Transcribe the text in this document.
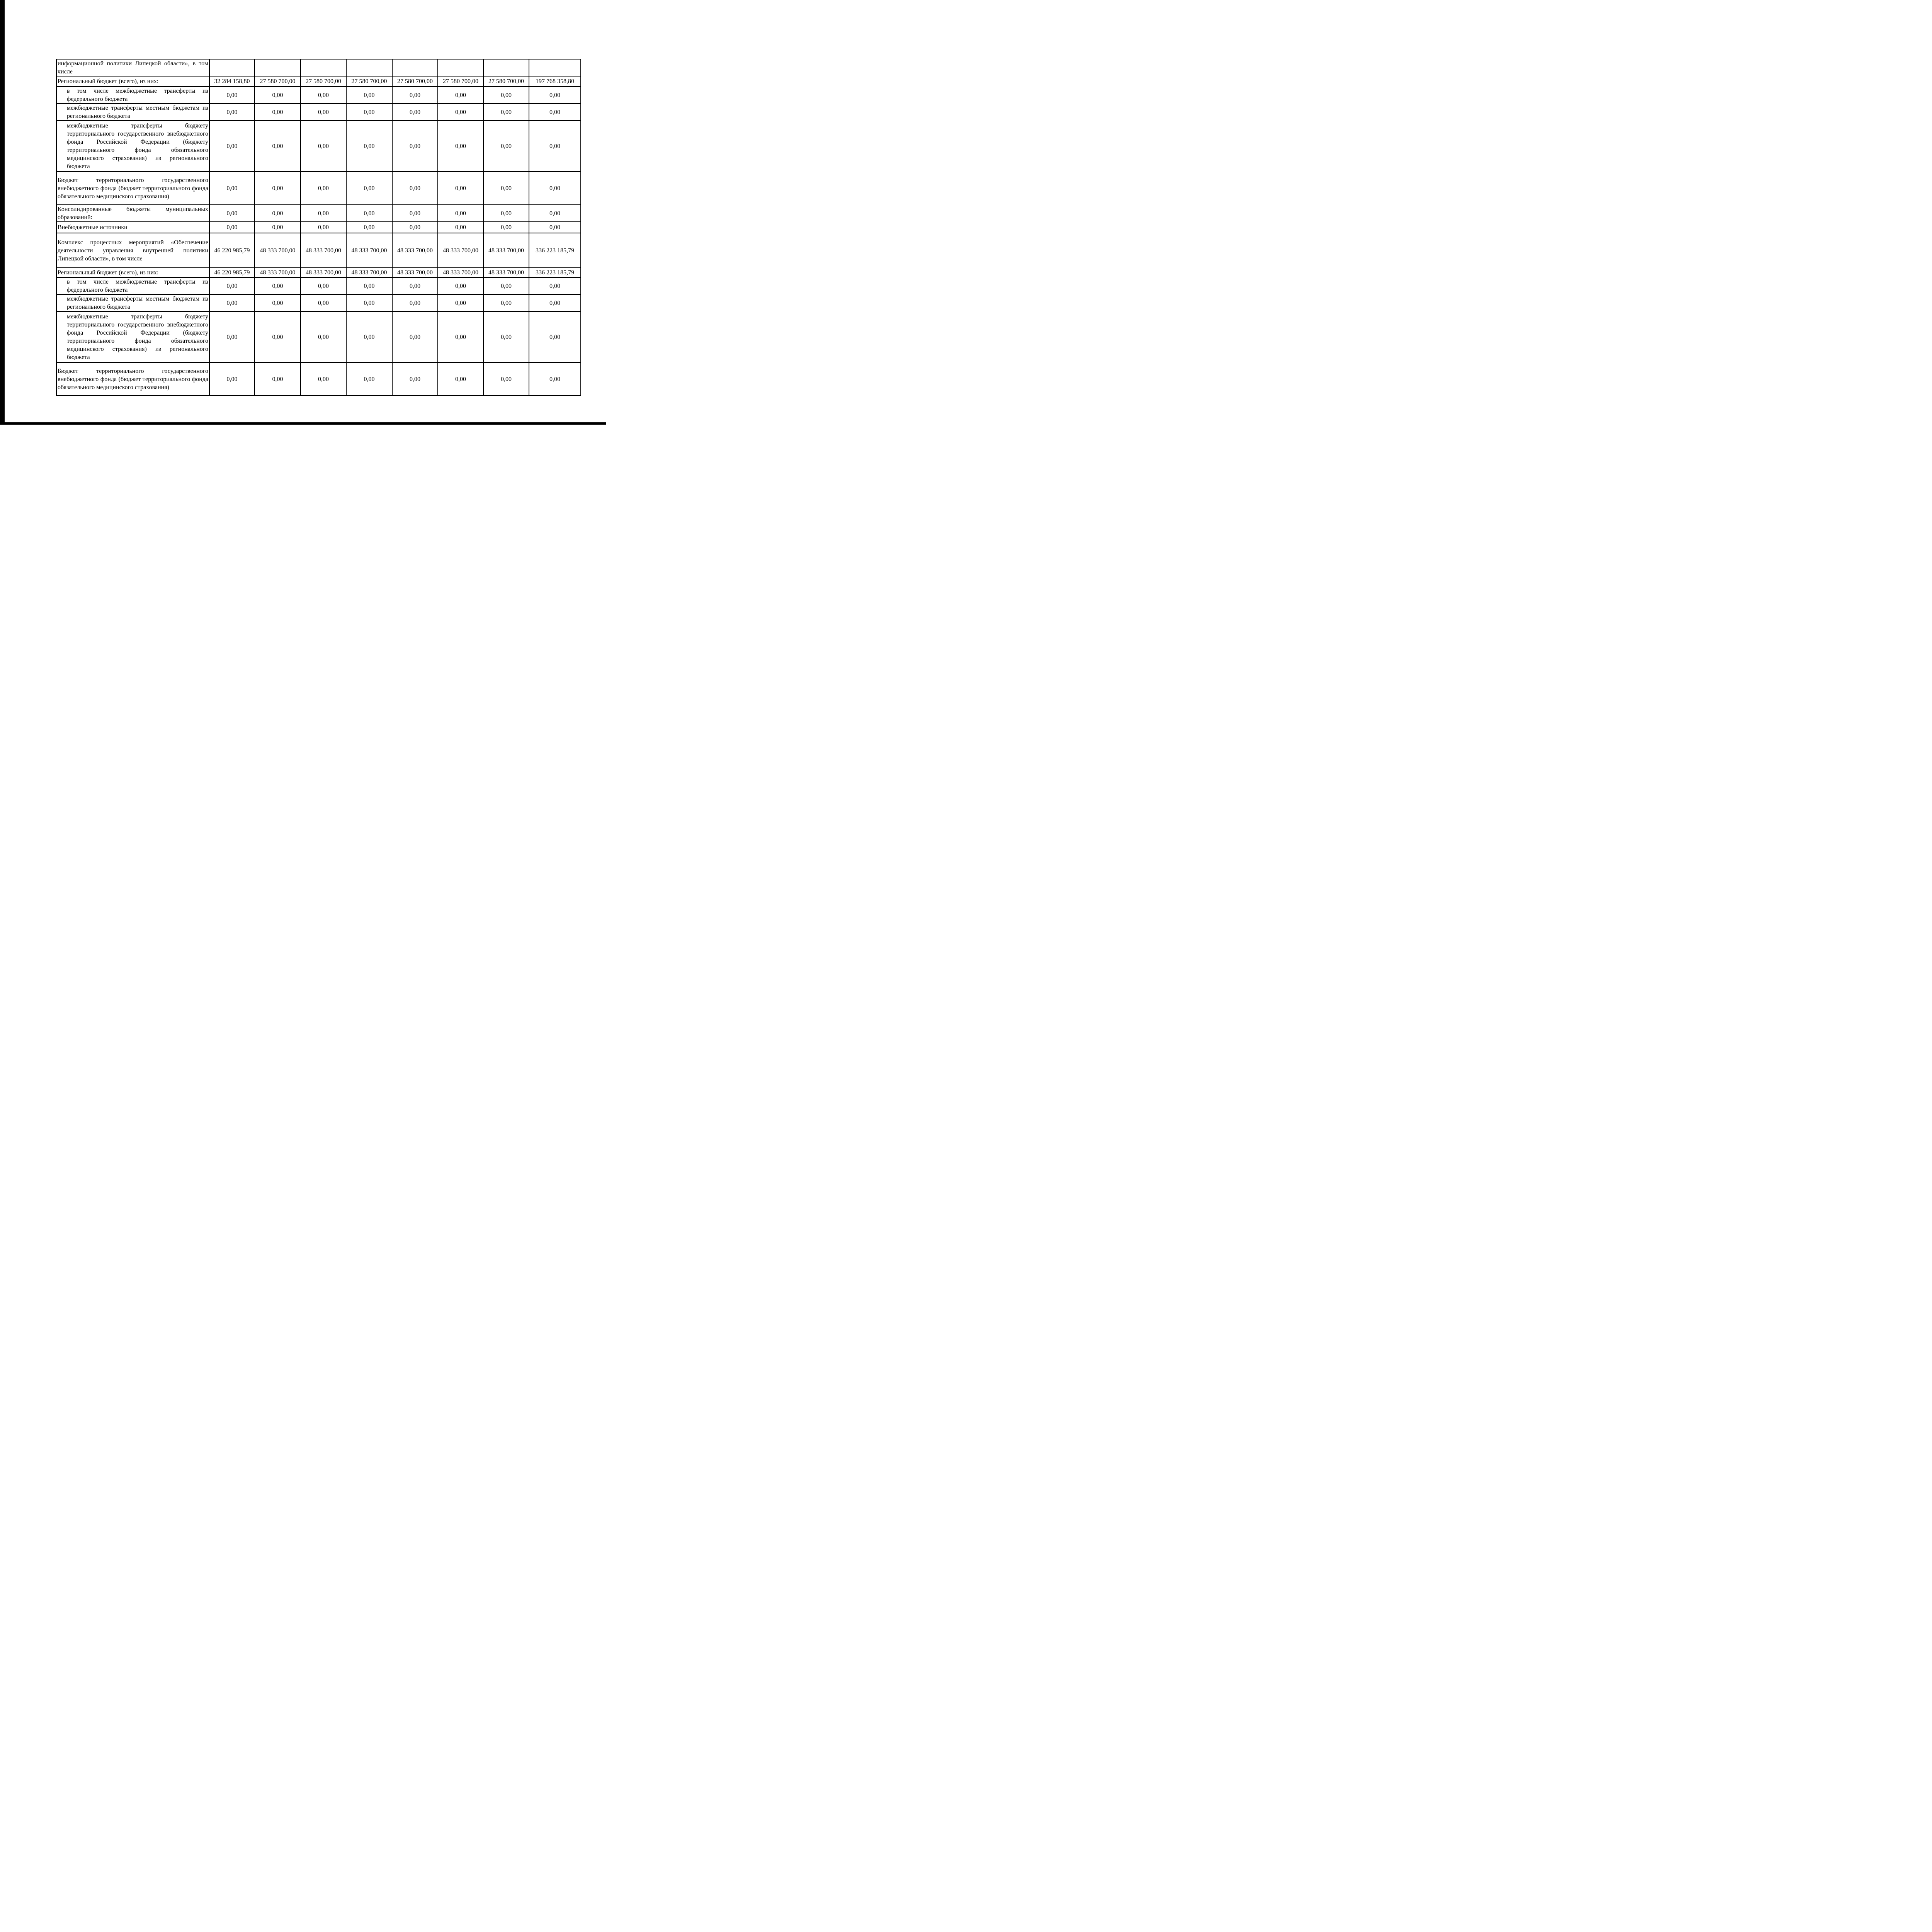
информационной политики Липецкой области», в том числе								
Региональный бюджет (всего), из них:	32 284 158,80	27 580 700,00	27 580 700,00	27 580 700,00	27 580 700,00	27 580 700,00	27 580 700,00	197 768 358,80
в том числе межбюджетные трансферты из федерального бюджета	0,00	0,00	0,00	0,00	0,00	0,00	0,00	0,00
межбюджетные трансферты местным бюджетам из регионального бюджета	0,00	0,00	0,00	0,00	0,00	0,00	0,00	0,00
межбюджетные трансферты бюджету территориального государственного внебюджетного фонда Российской Федерации (бюджету территориального фонда обязательного медицинского страхования) из регионального бюджета	0,00	0,00	0,00	0,00	0,00	0,00	0,00	0,00
Бюджет территориального государственного внебюджетного фонда (бюджет территориального фонда обязательного медицинского страхования)	0,00	0,00	0,00	0,00	0,00	0,00	0,00	0,00
Консолидированные бюджеты муниципальных образований:	0,00	0,00	0,00	0,00	0,00	0,00	0,00	0,00
Внебюджетные источники	0,00	0,00	0,00	0,00	0,00	0,00	0,00	0,00
Комплекс процессных мероприятий «Обеспечение деятельности управления внутренней политики Липецкой области», в том числе	46 220 985,79	48 333 700,00	48 333 700,00	48 333 700,00	48 333 700,00	48 333 700,00	48 333 700,00	336 223 185,79
Региональный бюджет (всего), из них:	46 220 985,79	48 333 700,00	48 333 700,00	48 333 700,00	48 333 700,00	48 333 700,00	48 333 700,00	336 223 185,79
в том числе межбюджетные трансферты из федерального бюджета	0,00	0,00	0,00	0,00	0,00	0,00	0,00	0,00
межбюджетные трансферты местным бюджетам из регионального бюджета	0,00	0,00	0,00	0,00	0,00	0,00	0,00	0,00
межбюджетные трансферты бюджету территориального государственного внебюджетного фонда Российской Федерации (бюджету территориального фонда обязательного медицинского страхования) из регионального бюджета	0,00	0,00	0,00	0,00	0,00	0,00	0,00	0,00
Бюджет территориального государственного внебюджетного фонда (бюджет территориального фонда обязательного медицинского страхования)	0,00	0,00	0,00	0,00	0,00	0,00	0,00	0,00
